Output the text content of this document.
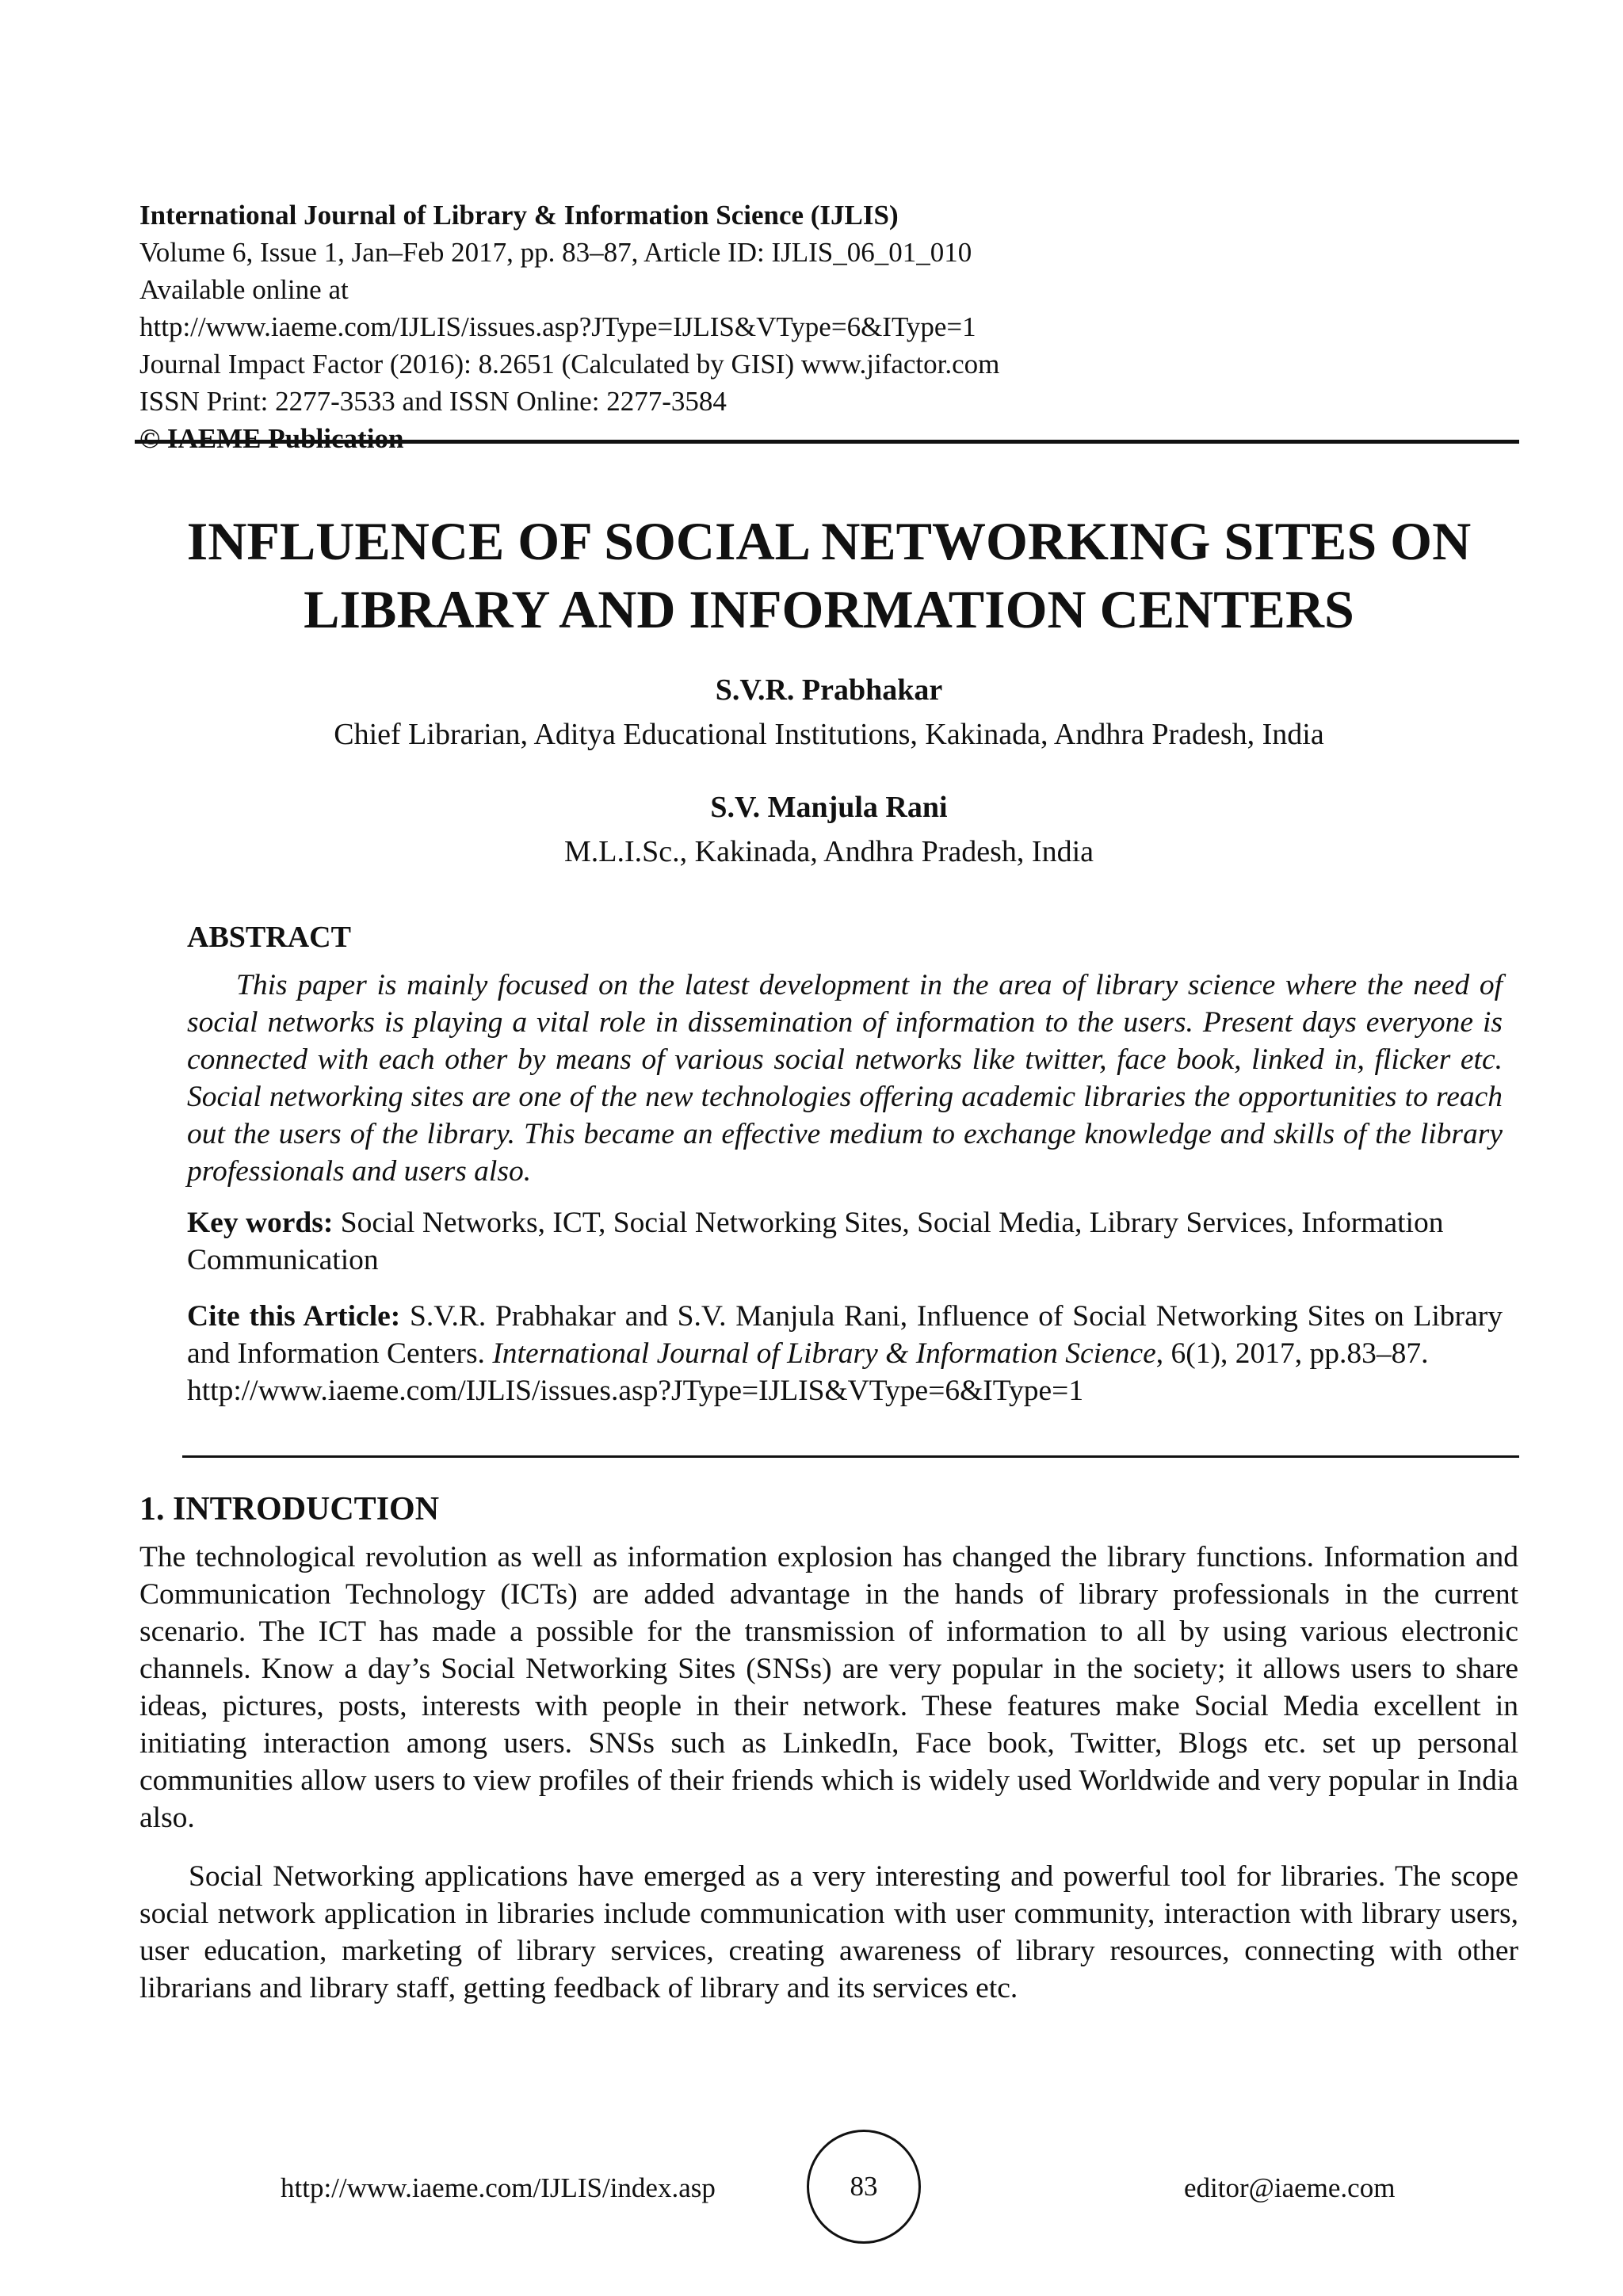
International Journal of Library & Information Science (IJLIS)
Volume 6, Issue 1, Jan–Feb 2017, pp. 83–87, Article ID: IJLIS_06_01_010
Available online at
http://www.iaeme.com/IJLIS/issues.asp?JType=IJLIS&VType=6&IType=1
Journal Impact Factor (2016): 8.2651 (Calculated by GISI) www.jifactor.com
ISSN Print: 2277-3533 and ISSN Online: 2277-3584
© IAEME Publication
INFLUENCE OF SOCIAL NETWORKING SITES ON
LIBRARY AND INFORMATION CENTERS
S.V.R. Prabhakar
Chief Librarian, Aditya Educational Institutions, Kakinada, Andhra Pradesh, India
S.V. Manjula Rani
M.L.I.Sc., Kakinada, Andhra Pradesh, India
ABSTRACT
This paper is mainly focused on the latest development in the area of library science where the need of social networks is playing a vital role in dissemination of information to the users. Present days everyone is connected with each other by means of various social networks like twitter, face book, linked in, flicker etc. Social networking sites are one of the new technologies offering academic libraries the opportunities to reach out the users of the library. This became an effective medium to exchange knowledge and skills of the library professionals and users also.
Key words: Social Networks, ICT, Social Networking Sites, Social Media, Library Services, Information Communication
Cite this Article: S.V.R. Prabhakar and S.V. Manjula Rani, Influence of Social Networking Sites on Library and Information Centers. International Journal of Library & Information Science, 6(1), 2017, pp.83–87.
http://www.iaeme.com/IJLIS/issues.asp?JType=IJLIS&VType=6&IType=1
1. INTRODUCTION
The technological revolution as well as information explosion has changed the library functions. Information and Communication Technology (ICTs) are added advantage in the hands of library professionals in the current scenario. The ICT has made a possible for the transmission of information to all by using various electronic channels. Know a day’s Social Networking Sites (SNSs) are very popular in the society; it allows users to share ideas, pictures, posts, interests with people in their network. These features make Social Media excellent in initiating interaction among users. SNSs such as LinkedIn, Face book, Twitter, Blogs etc. set up personal communities allow users to view profiles of their friends which is widely used Worldwide and very popular in India also.
Social Networking applications have emerged as a very interesting and powerful tool for libraries. The scope social network application in libraries include communication with user community, interaction with library users, user education, marketing of library services, creating awareness of library resources, connecting with other librarians and library staff, getting feedback of library and its services etc.
http://www.iaeme.com/IJLIS/index.asp	83	editor@iaeme.com
